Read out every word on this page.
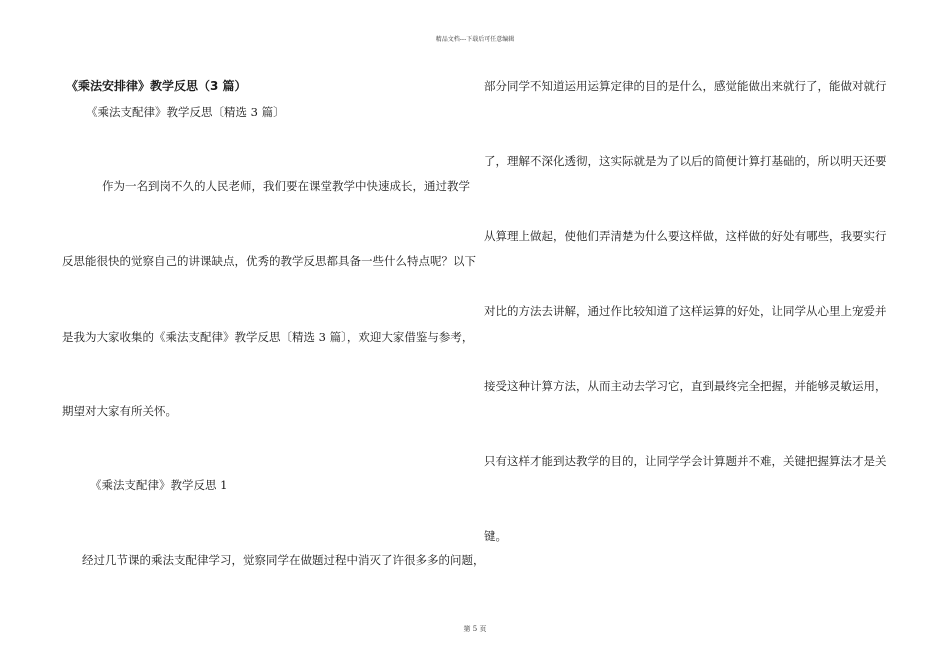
精品文档---下载后可任意编辑
《乘法安排律》教学反思（3 篇）
《乘法支配律》教学反思〔精选 3 篇〕
作为一名到岗不久的人民老师，我们要在课堂教学中快速成长，通过教学
反思能很快的觉察自己的讲课缺点，优秀的教学反思都具备一些什么特点呢？以下
是我为大家收集的《乘法支配律》教学反思〔精选 3 篇〕，欢迎大家借鉴与参考，
期望对大家有所关怀。
《乘法支配律》教学反思 1
经过几节课的乘法支配律学习，觉察同学在做题过程中消灭了许很多多的问题，
部分同学不知道运用运算定律的目的是什么，感觉能做出来就行了，能做对就行
了，理解不深化透彻，这实际就是为了以后的简便计算打基础的，所以明天还要
从算理上做起，使他们弄清楚为什么要这样做，这样做的好处有哪些，我要实行
对比的方法去讲解，通过作比较知道了这样运算的好处，让同学从心里上宠爱并
接受这种计算方法，从而主动去学习它，直到最终完全把握，并能够灵敏运用，
只有这样才能到达教学的目的，让同学学会计算题并不难，关键把握算法才是关
键。
第 5 页
